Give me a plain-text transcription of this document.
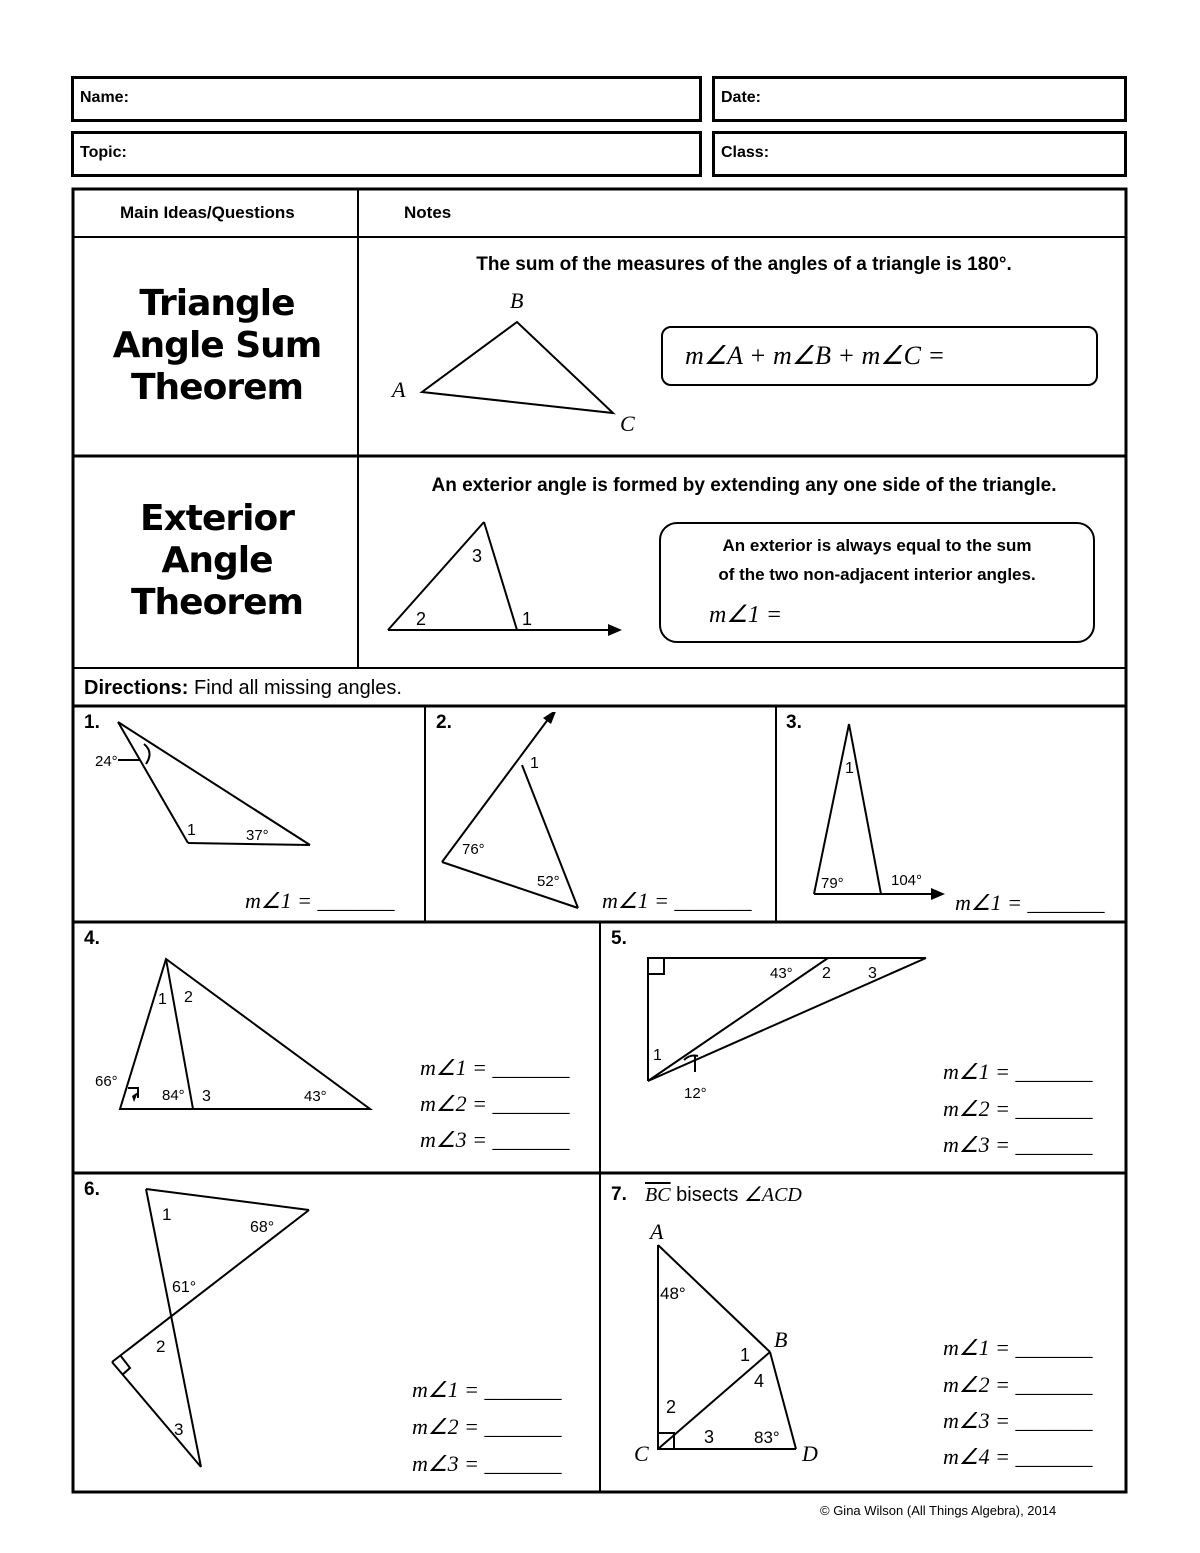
Name:	Date:
Topic:	Class:
Main Ideas/Questions	Notes
Triangle
Angle Sum
Theorem
The sum of the measures of the angles of a triangle is 180°.
B
A
C
m∠A + m∠B + m∠C =
Exterior
Angle
Theorem
An exterior angle is formed by extending any one side of the triangle.
3
2	1
An exterior is always equal to the sum
of the two non-adjacent interior angles.
m∠1 =
Directions: Find all missing angles.
1.	2.	3.
4.	5.
6.	7.
24°
1	37°
m∠1 = _______
1
76°
52°
m∠1 = _______
1
79°	104°
m∠1 = _______
1 2
66°
84° 3	43°
m∠1 = _______
m∠2 = _______
m∠3 = _______
43° 2 3
1
12°
m∠1 = _______
m∠2 = _______
m∠3 = _______
1
68°
61°
2
3
m∠1 = _______
m∠2 = _______
m∠3 = _______
$\overline{BC}$ bisects ∠ACD
A
48°
B
1
4
2
C
3 83°
D
m∠1 = _______
m∠2 = _______
m∠3 = _______
m∠4 = _______
© Gina Wilson (All Things Algebra), 2014
